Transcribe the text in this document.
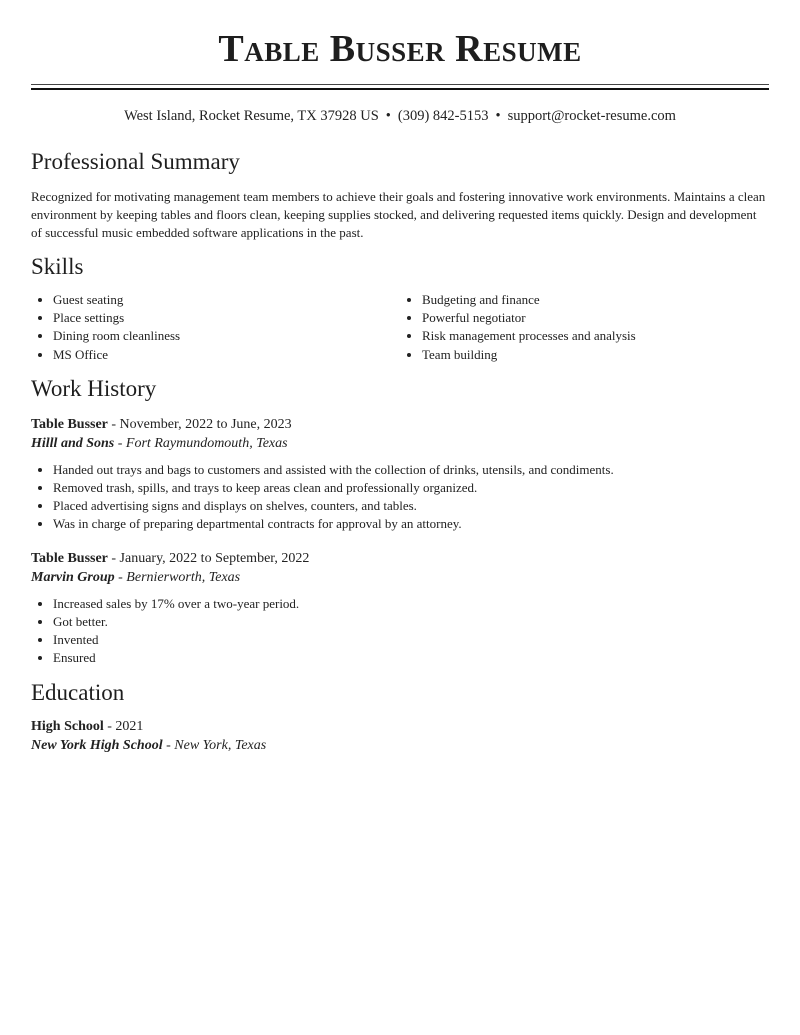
Table Busser Resume
West Island, Rocket Resume, TX 37928 US • (309) 842-5153 • support@rocket-resume.com
Professional Summary
Recognized for motivating management team members to achieve their goals and fostering innovative work environments. Maintains a clean environment by keeping tables and floors clean, keeping supplies stocked, and delivering requested items quickly. Design and development of successful music embedded software applications in the past.
Skills
• Guest seating
• Place settings
• Dining room cleanliness
• MS Office
• Budgeting and finance
• Powerful negotiator
• Risk management processes and analysis
• Team building
Work History
Table Busser - November, 2022 to June, 2023
Hilll and Sons - Fort Raymundomouth, Texas
• Handed out trays and bags to customers and assisted with the collection of drinks, utensils, and condiments.
• Removed trash, spills, and trays to keep areas clean and professionally organized.
• Placed advertising signs and displays on shelves, counters, and tables.
• Was in charge of preparing departmental contracts for approval by an attorney.
Table Busser - January, 2022 to September, 2022
Marvin Group - Bernierworth, Texas
• Increased sales by 17% over a two-year period.
• Got better.
• Invented
• Ensured
Education
High School - 2021
New York High School - New York, Texas
